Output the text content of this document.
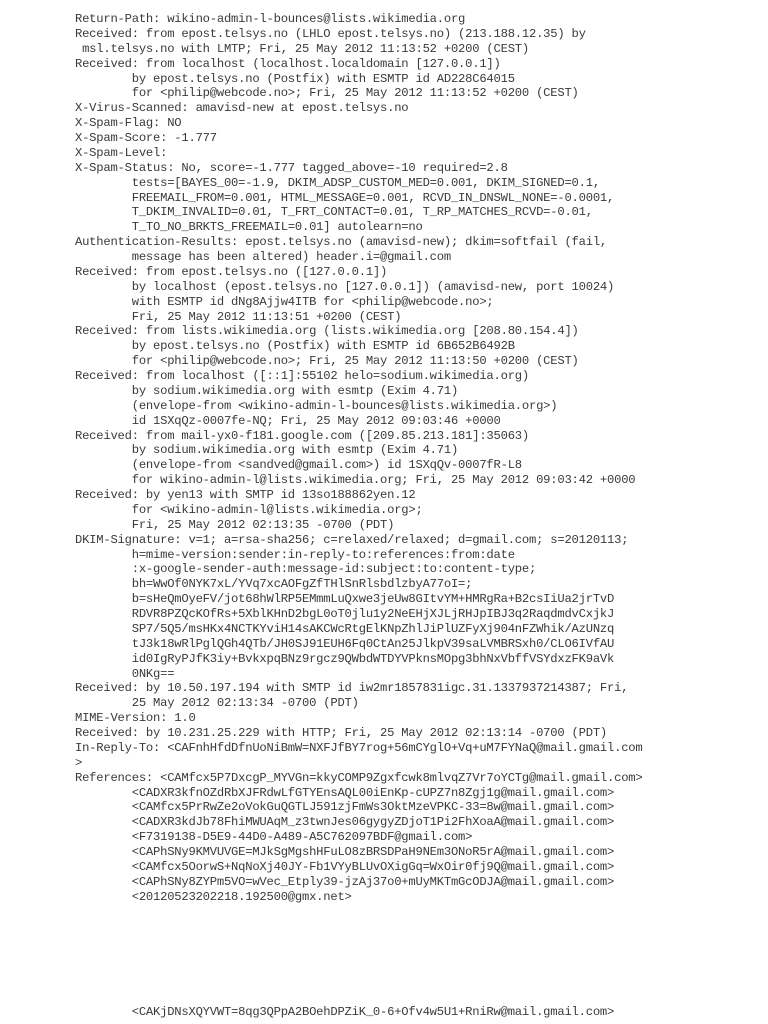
Return-Path: wikino-admin-l-bounces@lists.wikimedia.org
Received: from epost.telsys.no (LHLO epost.telsys.no) (213.188.12.35) by
msl.telsys.no with LMTP; Fri, 25 May 2012 11:13:52 +0200 (CEST)
Received: from localhost (localhost.localdomain [127.0.0.1])
by epost.telsys.no (Postfix) with ESMTP id AD228C64015
for <philip@webcode.no>; Fri, 25 May 2012 11:13:52 +0200 (CEST)
X-Virus-Scanned: amavisd-new at epost.telsys.no
X-Spam-Flag: NO
X-Spam-Score: -1.777
X-Spam-Level:
X-Spam-Status: No, score=-1.777 tagged_above=-10 required=2.8
tests=[BAYES_00=-1.9, DKIM_ADSP_CUSTOM_MED=0.001, DKIM_SIGNED=0.1,
FREEMAIL_FROM=0.001, HTML_MESSAGE=0.001, RCVD_IN_DNSWL_NONE=-0.0001,
T_DKIM_INVALID=0.01, T_FRT_CONTACT=0.01, T_RP_MATCHES_RCVD=-0.01,
T_TO_NO_BRKTS_FREEMAIL=0.01] autolearn=no
Authentication-Results: epost.telsys.no (amavisd-new); dkim=softfail (fail,
message has been altered) header.i=@gmail.com
Received: from epost.telsys.no ([127.0.0.1])
by localhost (epost.telsys.no [127.0.0.1]) (amavisd-new, port 10024)
with ESMTP id dNg8Ajjw4ITB for <philip@webcode.no>;
Fri, 25 May 2012 11:13:51 +0200 (CEST)
Received: from lists.wikimedia.org (lists.wikimedia.org [208.80.154.4])
by epost.telsys.no (Postfix) with ESMTP id 6B652B6492B
for <philip@webcode.no>; Fri, 25 May 2012 11:13:50 +0200 (CEST)
Received: from localhost ([::1]:55102 helo=sodium.wikimedia.org)
by sodium.wikimedia.org with esmtp (Exim 4.71)
(envelope-from <wikino-admin-l-bounces@lists.wikimedia.org>)
id 1SXqQz-0007fe-NQ; Fri, 25 May 2012 09:03:46 +0000
Received: from mail-yx0-f181.google.com ([209.85.213.181]:35063)
by sodium.wikimedia.org with esmtp (Exim 4.71)
(envelope-from <sandved@gmail.com>) id 1SXqQv-0007fR-L8
for wikino-admin-l@lists.wikimedia.org; Fri, 25 May 2012 09:03:42 +0000
Received: by yen13 with SMTP id 13so188862yen.12
for <wikino-admin-l@lists.wikimedia.org>;
Fri, 25 May 2012 02:13:35 -0700 (PDT)
DKIM-Signature: v=1; a=rsa-sha256; c=relaxed/relaxed; d=gmail.com; s=20120113;
h=mime-version:sender:in-reply-to:references:from:date
:x-google-sender-auth:message-id:subject:to:content-type;
bh=WwOf0NYK7xL/YVq7xcAOFgZfTHlSnRlsbdlzbyA77oI=;
b=sHeQmOyeFV/jot68hWlRP5EMmmLuQxwe3jeUw8GItvYM+HMRgRa+B2csIiUa2jrTvD
RDVR8PZQcKOfRs+5XblKHnD2bgL0oT0jlu1y2NeEHjXJLjRHJpIBJ3q2RaqdmdvCxjkJ
SP7/5Q5/msHKx4NCTKYviH14sAKCWcRtgElKNpZhlJiPlUZFyXj904nFZWhik/AzUNzq
tJ3k18wRlPglQGh4QTb/JH0SJ91EUH6Fq0CtAn25JlkpV39saLVMBRSxh0/CLO6IVfAU
id0IgRyPJfK3iy+BvkxpqBNz9rgcz9QWbdWTDYVPknsMOpg3bhNxVbffVSYdxzFK9aVk
0NKg==
Received: by 10.50.197.194 with SMTP id iw2mr1857831igc.31.1337937214387; Fri,
25 May 2012 02:13:34 -0700 (PDT)
MIME-Version: 1.0
Received: by 10.231.25.229 with HTTP; Fri, 25 May 2012 02:13:14 -0700 (PDT)
In-Reply-To: <CAFnhHfdDfnUoNiBmW=NXFJfBY7rog+56mCYglO+Vq+uM7FYNaQ@mail.gmail.com
>
References: <CAMfcx5P7DxcgP_MYVGn=kkyCOMP9Zgxfcwk8mlvqZ7Vr7oYCTg@mail.gmail.com>
<CADXR3kfnOZdRbXJFRdwLfGTYEnsAQL00iEnKp-cUPZ7n8Zgj1g@mail.gmail.com>
<CAMfcx5PrRwZe2oVokGuQGTLJ591zjFmWs3OktMzeVPKC-33=8w@mail.gmail.com>
<CADXR3kdJb78FhiMWUAqM_z3twnJes06gygyZDjoT1Pi2FhXoaA@mail.gmail.com>
<F7319138-D5E9-44D0-A489-A5C762097BDF@gmail.com>
<CAPhSNy9KMVUVGE=MJkSgMgshHFuLO8zBRSDPaH9NEm3ONoR5rA@mail.gmail.com>
<CAMfcx5OorwS+NqNoXj40JY-Fb1VYyBLUvOXigGq=WxOir0fj9Q@mail.gmail.com>
<CAPhSNy8ZYPm5VO=wVec_Etply39-jzAj37o0+mUyMKTmGcODJA@mail.gmail.com>
<20120523202218.192500@gmx.net>
<CAKjDNsXQYVWT=8qg3QPpA2BOehDPZiK_0-6+Ofv4w5U1+RniRw@mail.gmail.com>
